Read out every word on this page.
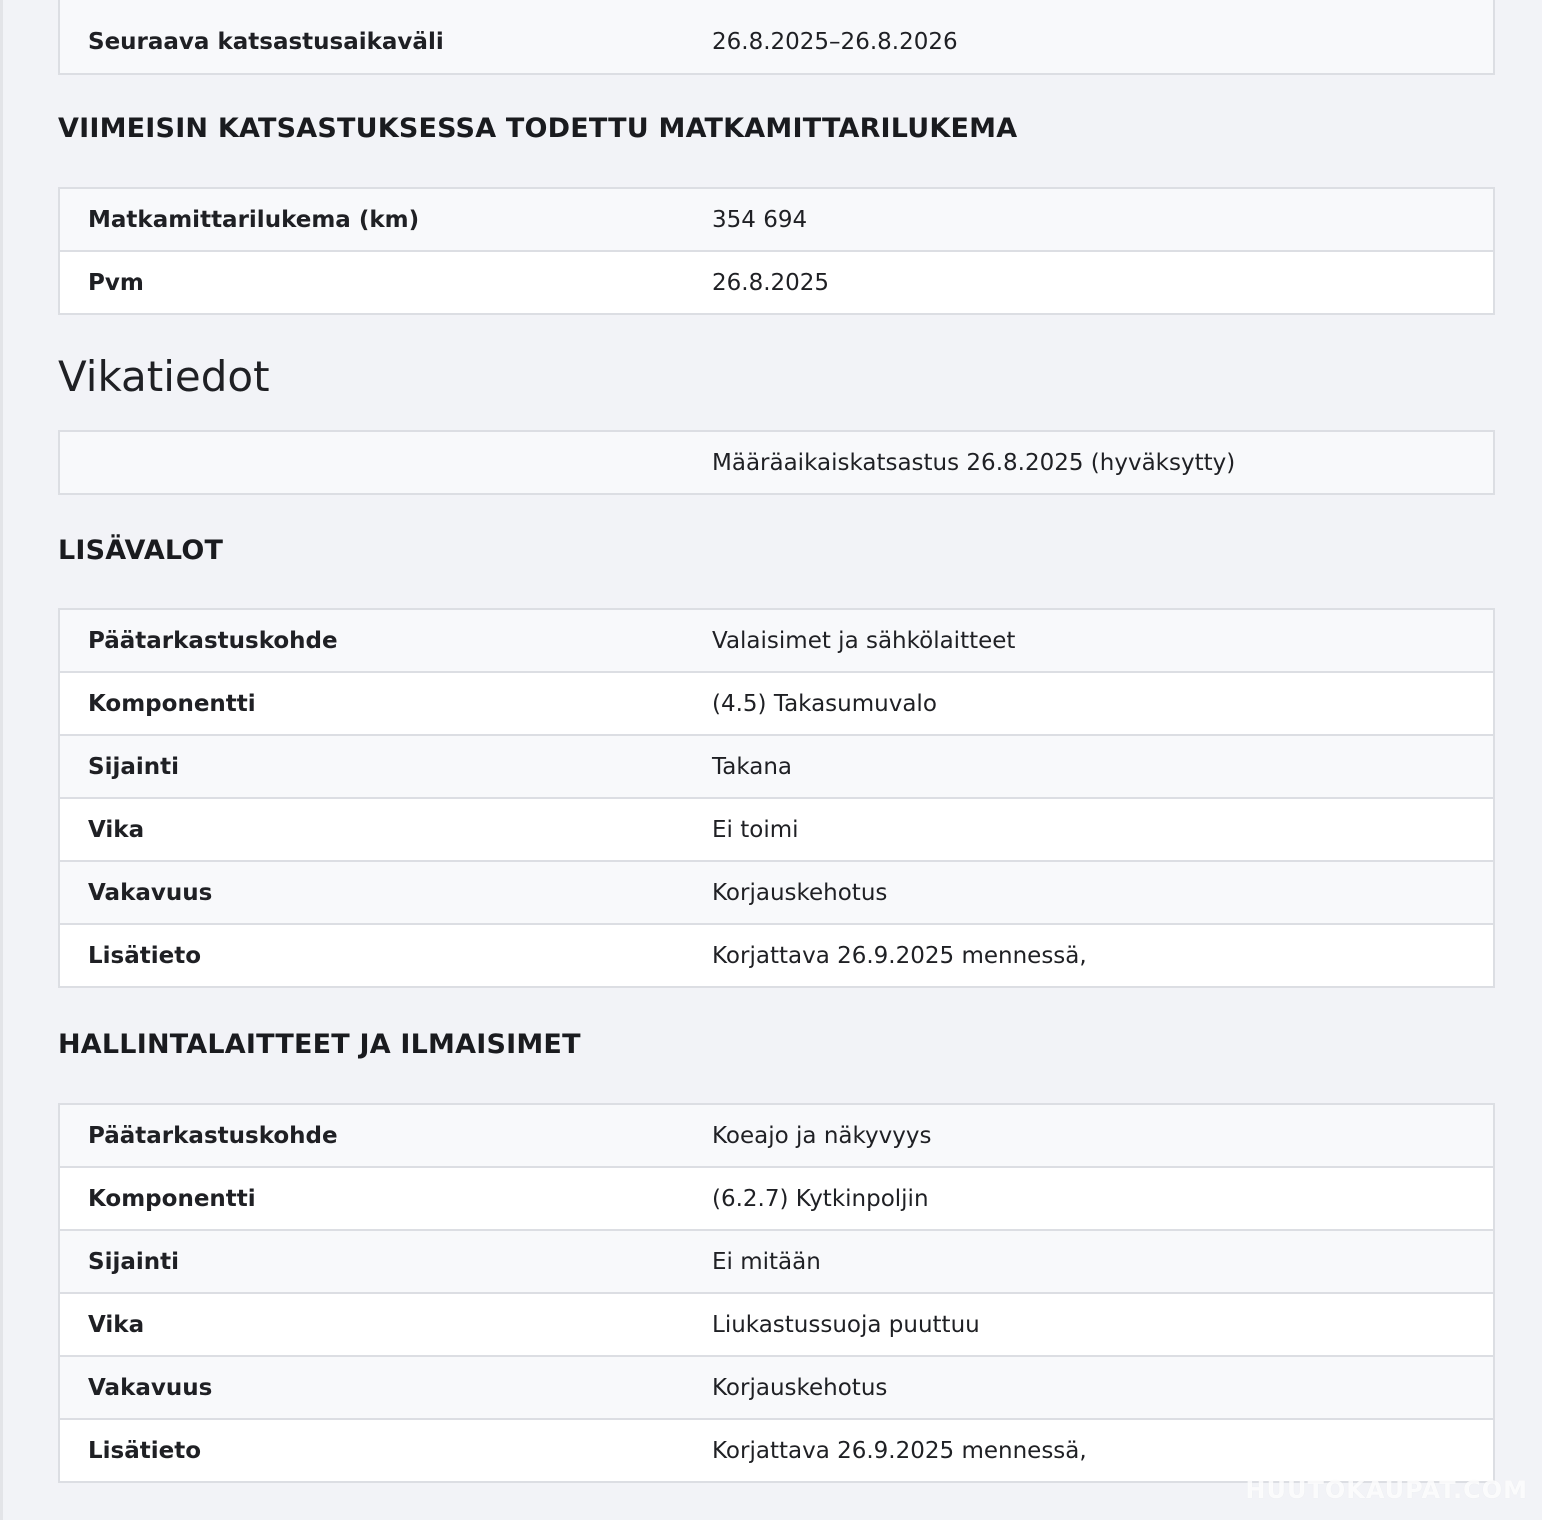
Seuraava katsastusaikaväli	26.8.2025–26.8.2026
VIIMEISIN KATSASTUKSESSA TODETTU MATKAMITTARILUKEMA
Matkamittarilukema (km)	354 694
Pvm	26.8.2025
Vikatiedot
	Määräaikaiskatsastus 26.8.2025 (hyväksytty)
LISÄVALOT
Päätarkastuskohde	Valaisimet ja sähkölaitteet
Komponentti	(4.5) Takasumuvalo
Sijainti	Takana
Vika	Ei toimi
Vakavuus	Korjauskehotus
Lisätieto	Korjattava 26.9.2025 mennessä,
HALLINTALAITTEET JA ILMAISIMET
Päätarkastuskohde	Koeajo ja näkyvyys
Komponentti	(6.2.7) Kytkinpoljin
Sijainti	Ei mitään
Vika	Liukastussuoja puuttuu
Vakavuus	Korjauskehotus
Lisätieto	Korjattava 26.9.2025 mennessä,
HUUTOKAUPAT.COM
